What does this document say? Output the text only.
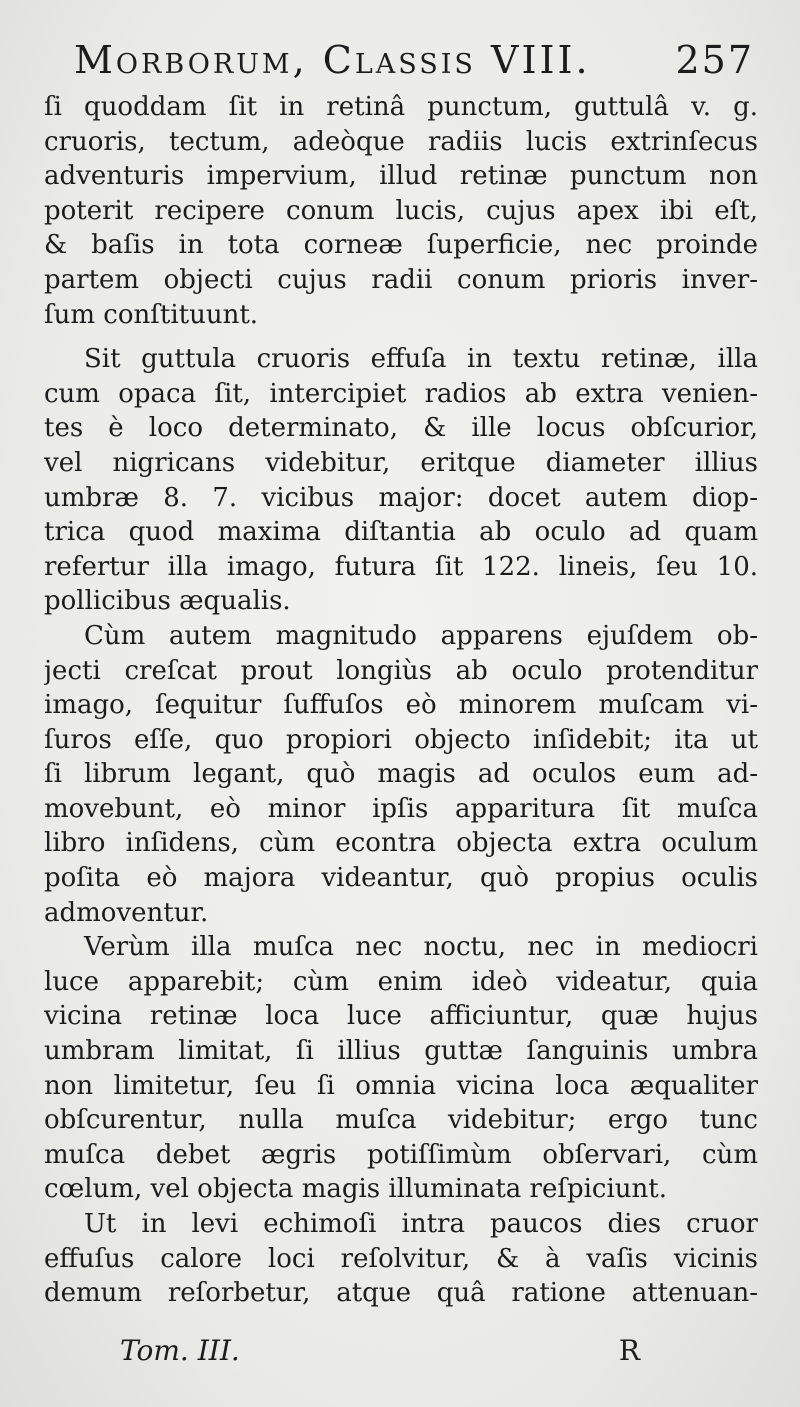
Morborum, Classis VIII. 257
ſi quoddam ſit in retinâ punctum, guttulâ v. g.
cruoris, tectum, adeòque radiis lucis extrinſecus
adventuris impervium, illud retinæ punctum non
poterit recipere conum lucis, cujus apex ibi eſt,
& baſis in tota corneæ ſuperficie, nec proinde
partem objecti cujus radii conum prioris inver-
ſum conſtituunt.
Sit guttula cruoris effuſa in textu retinæ, illa
cum opaca ſit, intercipiet radios ab extra venien-
tes è loco determinato, & ille locus obſcurior,
vel nigricans videbitur, eritque diameter illius
umbræ 8. 7. vicibus major: docet autem diop-
trica quod maxima diſtantia ab oculo ad quam
refertur illa imago, futura ſit 122. lineis, ſeu 10.
pollicibus æqualis.
Cùm autem magnitudo apparens ejuſdem ob-
jecti creſcat prout longiùs ab oculo protenditur
imago, ſequitur ſuffuſos eò minorem muſcam vi-
ſuros eſſe, quo propiori objecto inſidebit; ita ut
ſi librum legant, quò magis ad oculos eum ad-
movebunt, eò minor ipſis apparitura ſit muſca
libro inſidens, cùm econtra objecta extra oculum
poſita eò majora videantur, quò propius oculis
admoventur.
Verùm illa muſca nec noctu, nec in mediocri
luce apparebit; cùm enim ideò videatur, quia
vicina retinæ loca luce afficiuntur, quæ hujus
umbram limitat, ſi illius guttæ ſanguinis umbra
non limitetur, ſeu ſi omnia vicina loca æqualiter
obſcurentur, nulla muſca videbitur; ergo tunc
muſca debet ægris potiſſimùm obſervari, cùm
cœlum, vel objecta magis illuminata reſpiciunt.
Ut in levi echimoſi intra paucos dies cruor
effuſus calore loci reſolvitur, & à vaſis vicinis
demum reſorbetur, atque quâ ratione attenuan-
Tom. III.	R
